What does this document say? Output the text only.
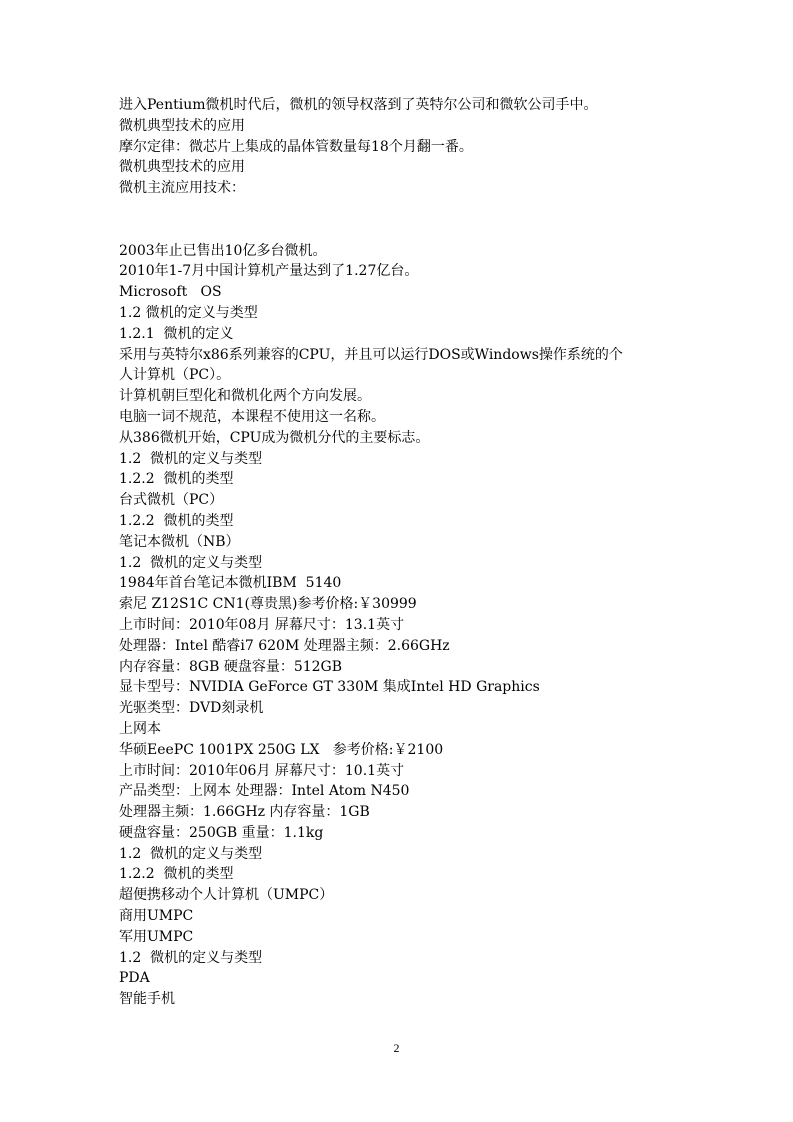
进入Pentium微机时代后，微机的领导权落到了英特尔公司和微软公司手中。

微机典型技术的应用

摩尔定律：微芯片上集成的晶体管数量每18个月翻一番。

微机典型技术的应用

微机主流应用技术：

2003年止已售出10亿多台微机。

2010年1-7月中国计算机产量达到了1.27亿台。

Microsoft   OS

1.2 微机的定义与类型

1.2.1  微机的定义

采用与英特尔x86系列兼容的CPU，并且可以运行DOS或Windows操作系统的个

人计算机（PC）。

计算机朝巨型化和微机化两个方向发展。

电脑一词不规范，本课程不使用这一名称。

从386微机开始，CPU成为微机分代的主要标志。

1.2  微机的定义与类型

1.2.2  微机的类型

台式微机（PC）

1.2.2  微机的类型

笔记本微机（NB）

1.2  微机的定义与类型

1984年首台笔记本微机IBM  5140

索尼 Z12S1C CN1(尊贵黑)参考价格:￥30999

上市时间：2010年08月 屏幕尺寸：13.1英寸

处理器：Intel 酷睿i7 620M 处理器主频：2.66GHz

内存容量：8GB 硬盘容量：512GB

显卡型号：NVIDIA GeForce GT 330M 集成Intel HD Graphics

光驱类型：DVD刻录机

上网本

华硕EeePC 1001PX 250G LX   参考价格:￥2100

上市时间：2010年06月 屏幕尺寸：10.1英寸

产品类型：上网本 处理器：Intel Atom N450

处理器主频：1.66GHz 内存容量：1GB

硬盘容量：250GB 重量：1.1kg

1.2  微机的定义与类型

1.2.2  微机的类型

超便携移动个人计算机（UMPC）

商用UMPC

军用UMPC

1.2  微机的定义与类型

PDA

智能手机

2
